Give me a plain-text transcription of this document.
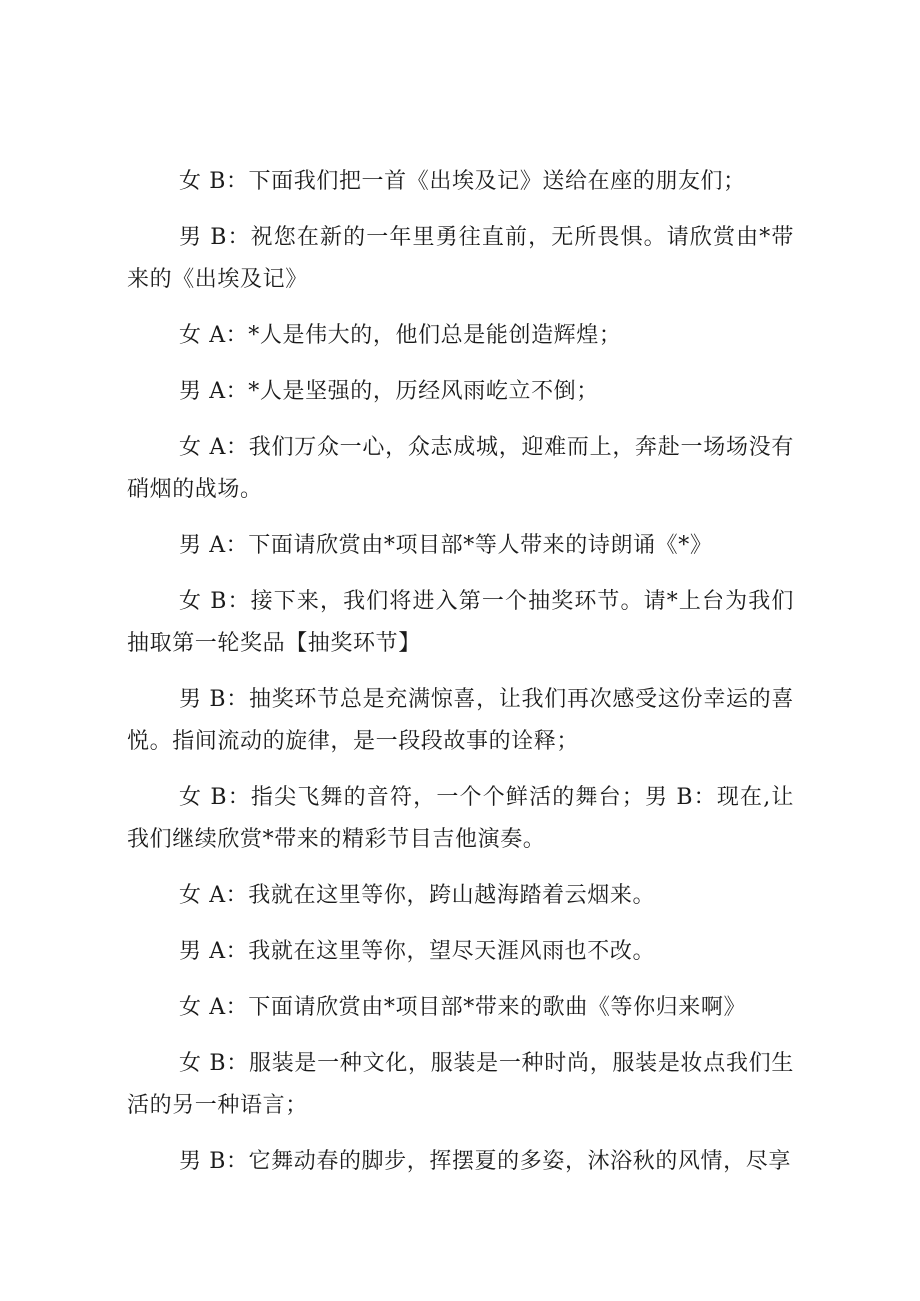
女 B：下面我们把一首《出埃及记》送给在座的朋友们；

男 B：祝您在新的一年里勇往直前，无所畏惧。请欣赏由*带来的《出埃及记》

女 A：*人是伟大的，他们总是能创造辉煌；

男 A：*人是坚强的，历经风雨屹立不倒；

女 A：我们万众一心，众志成城，迎难而上，奔赴一场场没有硝烟的战场。

男 A：下面请欣赏由*项目部*等人带来的诗朗诵《*》

女 B：接下来，我们将进入第一个抽奖环节。请*上台为我们抽取第一轮奖品【抽奖环节】

男 B：抽奖环节总是充满惊喜，让我们再次感受这份幸运的喜悦。指间流动的旋律，是一段段故事的诠释；

女 B：指尖飞舞的音符，一个个鲜活的舞台；男 B：现在,让我们继续欣赏*带来的精彩节目吉他演奏。

女 A：我就在这里等你，跨山越海踏着云烟来。

男 A：我就在这里等你，望尽天涯风雨也不改。

女 A：下面请欣赏由*项目部*带来的歌曲《等你归来啊》

女 B：服装是一种文化，服装是一种时尚，服装是妆点我们生活的另一种语言；

男 B：它舞动春的脚步，挥摆夏的多姿，沐浴秋的风情，尽享
